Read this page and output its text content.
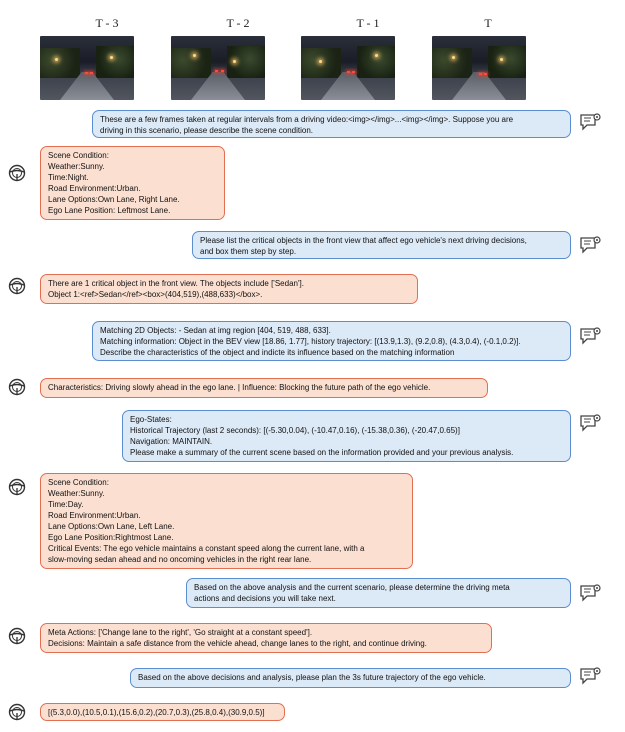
T - 3	T - 2	T - 1	T
These are a few frames taken at regular intervals from a driving video:<img></img>...<img></img>. Suppose you are
driving in this scenario, please describe the scene condition.
Scene Condition:
Weather:Sunny.
Time:Night.
Road Environment:Urban.
Lane Options:Own Lane, Right Lane.
Ego Lane Position: Leftmost Lane.
Please list the critical objects in the front view that affect ego vehicle's next driving decisions,
and box them step by step.
There are 1 critical object in the front view. The objects include ['Sedan'].
Object 1:<ref>Sedan</ref><box>(404,519),(488,633)</box>.
Matching 2D Objects: - Sedan at img region [404, 519, 488, 633].
Matching information: Object in the BEV view [18.86, 1.77], history trajectory: [(13.9,1.3), (9.2,0.8), (4.3,0.4), (-0.1,0.2)].
Describe the characteristics of the object and indicte its influence based on the matching information
Characteristics: Driving slowly ahead in the ego lane. | Influence: Blocking the future path of the ego vehicle.
Ego-States:
Historical Trajectory (last 2 seconds): [(-5.30,0.04), (-10.47,0.16), (-15.38,0.36), (-20.47,0.65)]
Navigation: MAINTAIN.
Please make a summary of the current scene based on the information provided and your previous analysis.
Scene Condition:
Weather:Sunny.
Time:Day.
Road Environment:Urban.
Lane Options:Own Lane, Left Lane.
Ego Lane Position:Rightmost Lane.
Critical Events: The ego vehicle maintains a constant speed along the current lane, with a
slow-moving sedan ahead and no oncoming vehicles in the right rear lane.
Based on the above analysis and the current scenario, please determine the driving meta
actions and decisions you will take next.
Meta Actions: ['Change lane to the right', 'Go straight at a constant speed'].
Decisions: Maintain a safe distance from the vehicle ahead, change lanes to the right, and continue driving.
Based on the above decisions and analysis, please plan the 3s future trajectory of the ego vehicle.
[(5.3,0.0),(10.5,0.1),(15.6,0.2),(20.7,0.3),(25.8,0.4),(30.9,0.5)]
